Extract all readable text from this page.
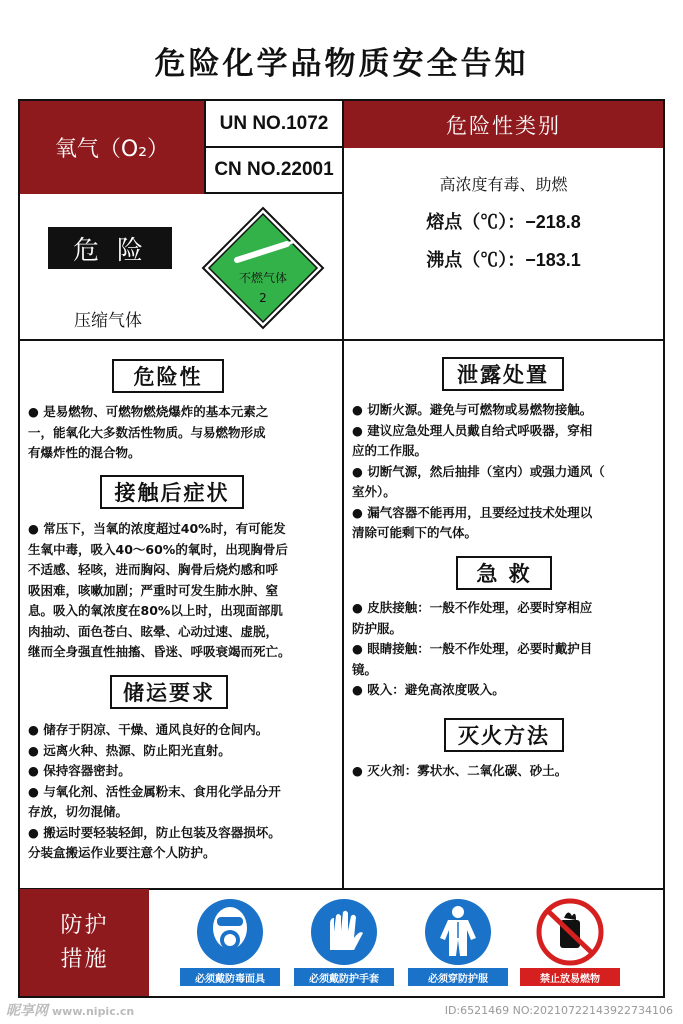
危险化学品物质安全告知
氧气（O₂）
UN NO.1072
CN NO.22001
危险性类别
高浓度有毒、助燃
熔点（℃）：−218.8
沸点（℃）：−183.1
危险
压缩气体
不燃气体
2
危险性
● 是易燃物、可燃物燃烧爆炸的基本元素之
一，能氧化大多数活性物质。与易燃物形成
有爆炸性的混合物。
接触后症状
● 常压下，当氧的浓度超过40%时，有可能发
生氧中毒，吸入40～60%的氧时，出现胸骨后
不适感、轻咳，进而胸闷、胸骨后烧灼感和呼
吸困难，咳嗽加剧；严重时可发生肺水肿、窒
息。吸入的氧浓度在80%以上时，出现面部肌
肉抽动、面色苍白、眩晕、心动过速、虚脱，
继而全身强直性抽搐、昏迷、呼吸衰竭而死亡。
储运要求
● 储存于阴凉、干燥、通风良好的仓间内。
● 远离火种、热源、防止阳光直射。
● 保持容器密封。
● 与氧化剂、活性金属粉末、食用化学品分开
存放，切勿混储。
● 搬运时要轻装轻卸，防止包装及容器损坏。
分装盒搬运作业要注意个人防护。
泄露处置
● 切断火源。避免与可燃物或易燃物接触。
● 建议应急处理人员戴自给式呼吸器，穿相
应的工作服。
● 切断气源，然后抽排（室内）或强力通风（
室外）。
● 漏气容器不能再用，且要经过技术处理以
清除可能剩下的气体。
急 救
● 皮肤接触：一般不作处理，必要时穿相应
防护服。
● 眼睛接触：一般不作处理，必要时戴护目
镜。
● 吸入：避免高浓度吸入。
灭火方法
● 灭火剂：雾状水、二氧化碳、砂土。
防护
措施
必须戴防毒面具	必须戴防护手套	必须穿防护服	禁止放易燃物
昵享网 www.nipic.cn	ID:6521469 NO:20210722143922734106
